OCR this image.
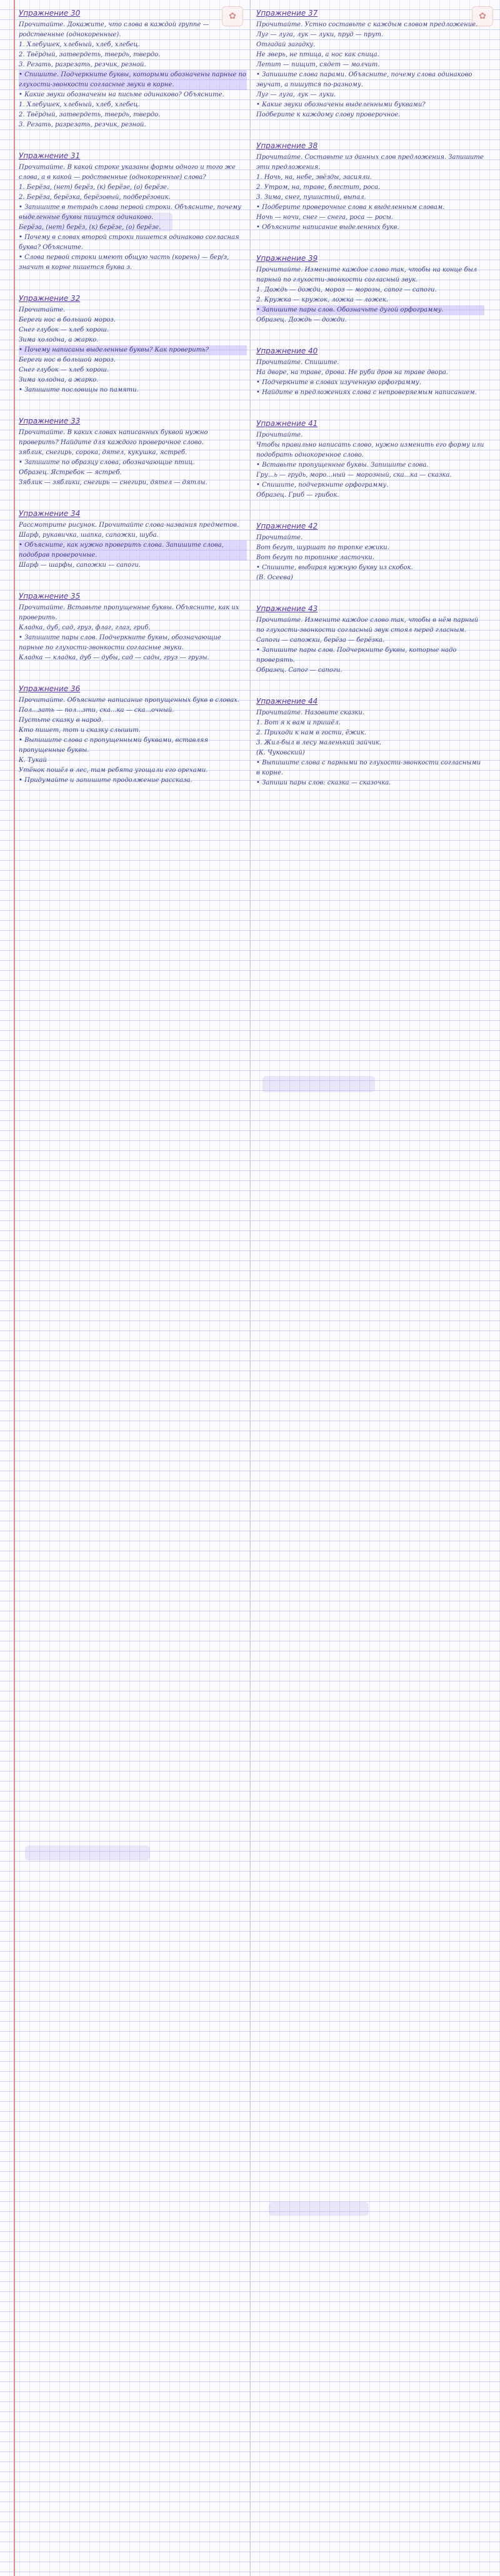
✿	✿
Упражнение 30

Прочитайте. Докажите, что слова в каждой группе — родственные (однокоренные).

1. Хлебушек, хлебный, хлеб, хлебец.

2. Твёрдый, затвердеть, твердь, твердо.

3. Резать, разрезать, резчик, резной.

• Спишите. Подчеркните буквы, которыми обозначены парные по глухости-звонкости согласные звуки в корне.

• Какие звуки обозначены на письме одинаково? Объясните.

1. Хлебушек, хлебный, хлеб, хлебец.

2. Твёрдый, затвердеть, твердь, твердо.

3. Резать, разрезать, резчик, резной.

Упражнение 31

Прочитайте. В какой строке указаны формы одного и того же слова, а в какой — родственные (однокоренные) слова?

1. Берёза, (нет) берёз, (к) берёзе, (о) берёзе.

2. Берёза, берёзка, берёзовый, подберёзовик.

• Запишите в тетрадь слова первой строки. Объясните, почему выделенные буквы пишутся одинаково.

Берёза, (нет) берёз, (к) берёзе, (о) берёзе.

• Почему в словах второй строки пишется одинаково согласная буква? Объясните.

• Слова первой строки имеют общую часть (корень) — бер/з, значит в корне пишется буква з.

Упражнение 32

Прочитайте.

Береги нос в большой мороз.

Снег глубок — хлеб хорош.

Зима холодна, а жарко.

• Почему написаны выделенные буквы? Как проверить?

Береги нос в большой мороз.

Снег глубок — хлеб хорош.

Зима холодна, а жарко.

• Запишите пословицы по памяти.

Упражнение 33

Прочитайте. В каких словах написанных буквой нужно проверить? Найдите для каждого проверочное слово.

зяблик, снегирь, сорока, дятел, кукушка, ястреб.

• Запишите по образцу слова, обозначающие птиц.

Образец. Ястребок — ястреб.

Зяблик — зяблики, снегирь — снегири, дятел — дятлы.

Упражнение 34

Рассмотрите рисунок. Прочитайте слова-названия предметов.

Шарф, рукавичка, шапка, сапожки, шуба.

• Объясните, как нужно проверить слова. Запишите слова, подобрав проверочные.

Шарф — шарфы, сапожки — сапоги.

Упражнение 35

Прочитайте. Вставьте пропущенные буквы. Объясните, как их проверить.

Кладка, дуб, сад, груз, флаг, глаз, гриб.

• Запишите пары слов. Подчеркните буквы, обозначающие парные по глухости-звонкости согласные звуки.

Кладка — кладка, дуб — дубы, сад — сады, груз — грузы.

Упражнение 36

Прочитайте. Объясните написание пропущенных букв в словах.

Пол...зать — пол...зти, ска...ка — ска...очный.

Пустьте сказку в народ.

Кто пишет, тот и сказку слышит.

• Выпишите слова с пропущенными буквами, вставляя пропущенные буквы.

К. Тукай

Утёнок пошёл в лес, там ребята угощали его орехами.

• Придумайте и запишите продолжение рассказа.

Упражнение 37

Прочитайте. Устно составьте с каждым словом предложение.

Луг — луга, лук — луки, пруд — прут.

Отгадай загадку.

Не зверь, не птица, а нос как спица.

Летит — пищит, сядет — молчит.

• Запишите слова парами. Объясните, почему слова одинаково звучат, а пишутся по-разному.

Луг — луга, лук — луки.

• Какие звуки обозначены выделенными буквами?

Подберите к каждому слову проверочное.

Упражнение 38

Прочитайте. Составьте из данных слов предложения. Запишите эти предложения.

1. Ночь, на, небе, звёзды, засияли.

2. Утром, на, траве, блестит, роса.

3. Зима, снег, пушистый, выпал.

• Подберите проверочные слова к выделенным словам.

Ночь — ночи, снег — снега, роса — росы.

• Объясните написание выделенных букв.

Упражнение 39

Прочитайте. Измените каждое слово так, чтобы на конце был парный по глухости-звонкости согласный звук.

1. Дождь — дожди, мороз — морозы, сапог — сапоги.

2. Кружка — кружок, ложка — ложек.

• Запишите пары слов. Обозначьте дугой орфограмму.

Образец. Дождь — дожди.

Упражнение 40

Прочитайте. Спишите.

На дворе, на траве, дрова. Не руби дров на траве двора.

• Подчеркните в словах изученную орфограмму.

• Найдите в предложениях слова с непроверяемым написанием.

Упражнение 41

Прочитайте.

Чтобы правильно написать слово, нужно изменить его форму или подобрать однокоренное слово.

• Вставьте пропущенные буквы. Запишите слова.

Гру...ь — грудь, моро...ный — морозный, ска...ка — сказка.

• Спишите, подчеркните орфограмму.

Образец. Гриб — грибок.

Упражнение 42

Прочитайте.

Вот бегут, шуршат по тропке ежики.

Вот бегут по тропинке ласточки.

• Спишите, выбирая нужную букву из скобок.

(В. Осеева)

Упражнение 43

Прочитайте. Измените каждое слово так, чтобы в нём парный по глухости-звонкости согласный звук стоял перед гласным.

Сапоги — сапожки, берёза — берёзка.

• Запишите пары слов. Подчеркните буквы, которые надо проверять.

Образец. Сапог — сапоги.

Упражнение 44

Прочитайте. Назовите сказки.

1. Вот я к вам и пришёл.

2. Приходи к нам в гости, ёжик.

3. Жил-был в лесу маленький зайчик.

(К. Чуковский)

• Выпишите слова с парными по глухости-звонкости согласными в корне.

• Запиши пары слов: сказка — сказочка.
